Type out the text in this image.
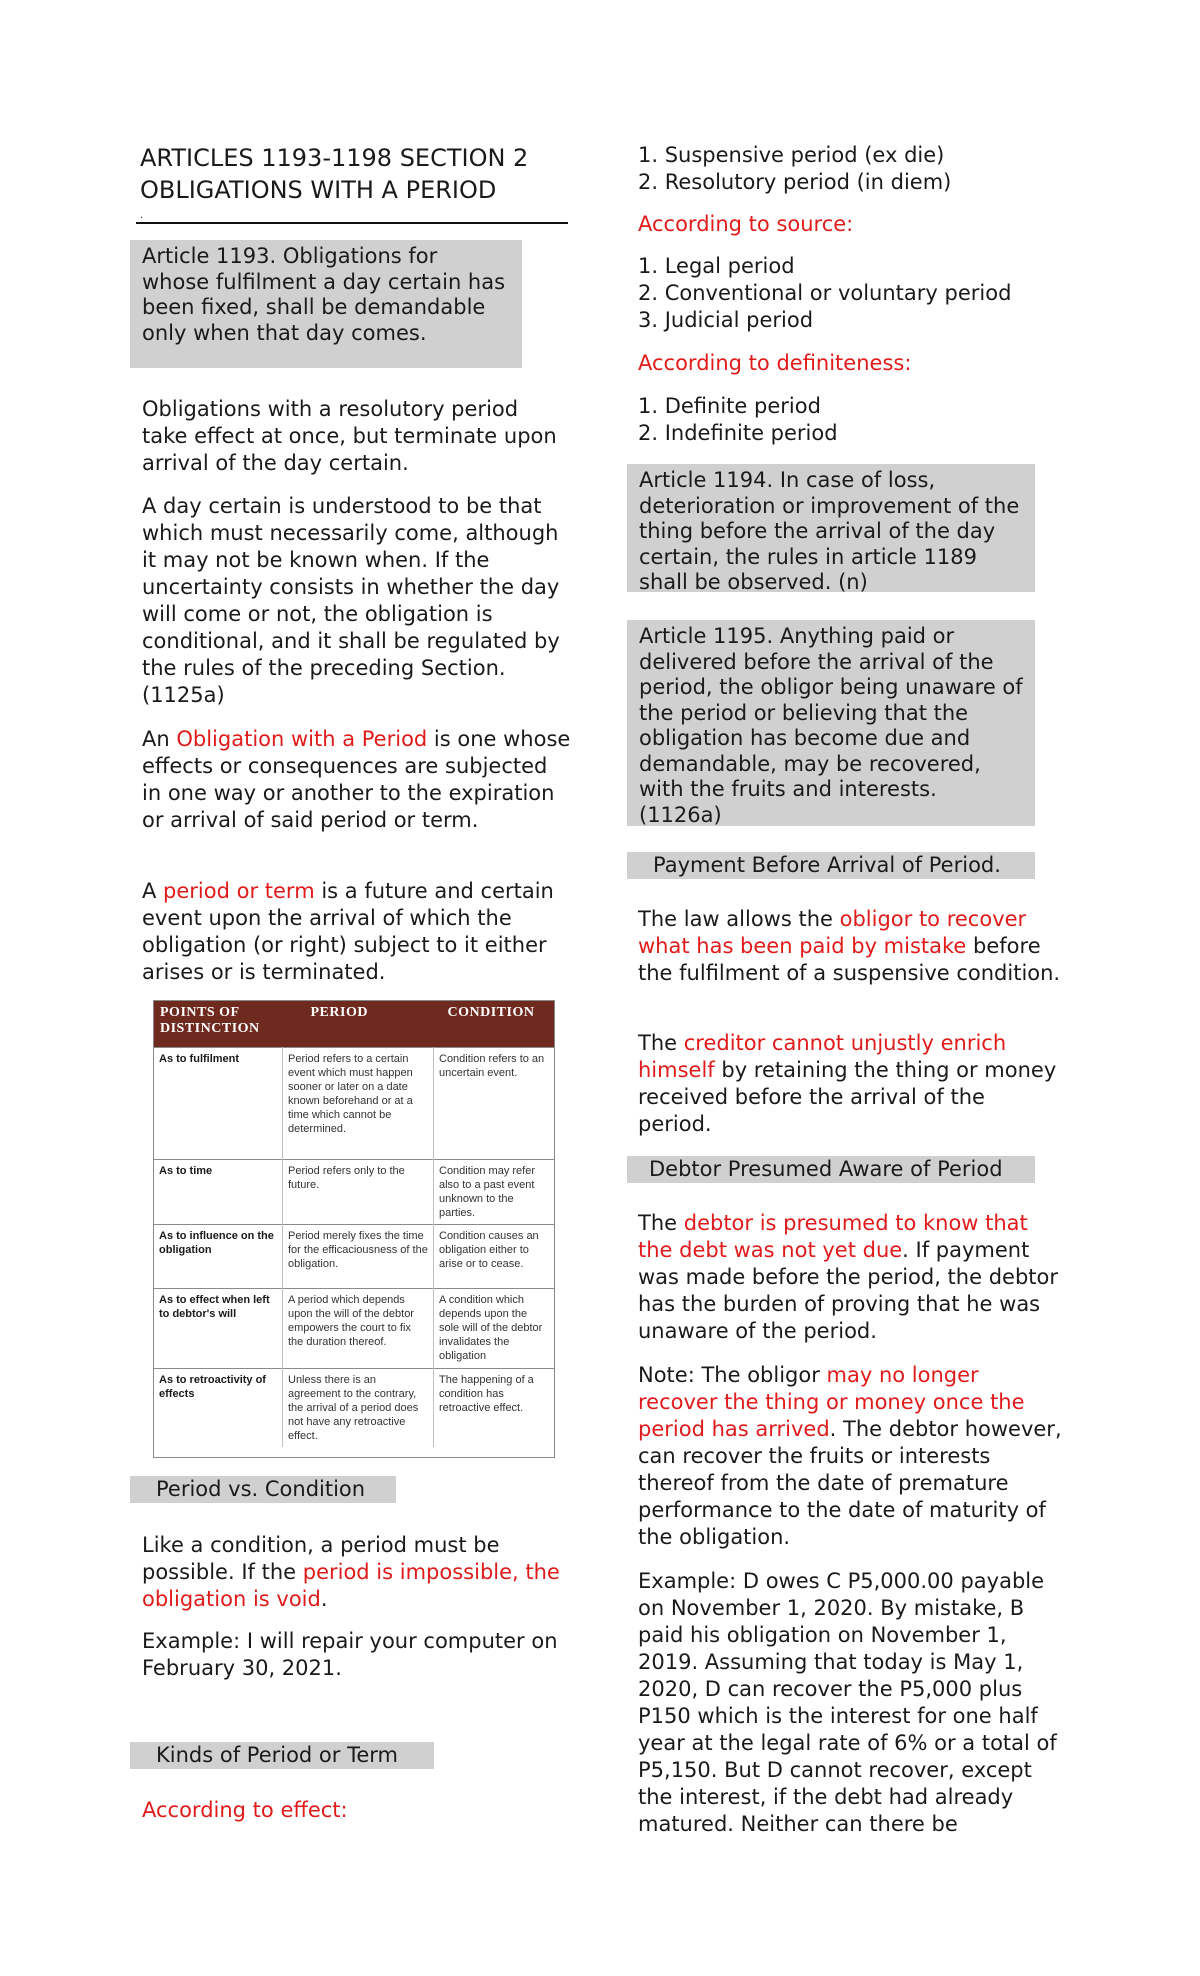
ARTICLES 1193-1198 SECTION 2
OBLIGATIONS WITH A PERIOD
.
Article 1193. Obligations for whose fulfilment a day certain has been fixed, shall be demandable only when that day comes.

Obligations with a resolutory period take effect at once, but terminate upon arrival of the day certain.

A day certain is understood to be that which must necessarily come, although it may not be known when. If the uncertainty consists in whether the day will come or not, the obligation is conditional, and it shall be regulated by the rules of the preceding Section. (1125a)

An Obligation with a Period is one whose effects or consequences are subjected in one way or another to the expiration or arrival of said period or term.

A period or term is a future and certain event upon the arrival of which the obligation (or right) subject to it either arises or is terminated.

POINTS OF DISTINCTION	PERIOD	CONDITION
As to fulfilment	Period refers to a certain event which must happen sooner or later on a date known beforehand or at a time which cannot be determined.	Condition refers to an uncertain event.
As to time	Period refers only to the future.	Condition may refer also to a past event unknown to the parties.
As to influence on the obligation	Period merely fixes the time for the efficaciousness of the obligation.	Condition causes an obligation either to arise or to cease.
As to effect when left to debtor's will	A period which depends upon the will of the debtor empowers the court to fix the duration thereof.	A condition which depends upon the sole will of the debtor invalidates the obligation
As to retroactivity of effects	Unless there is an agreement to the contrary, the arrival of a period does not have any retroactive effect.	The happening of a condition has retroactive effect.
Period vs. Condition

Like a condition, a period must be possible. If the period is impossible, the obligation is void.

Example: I will repair your computer on February 30, 2021.

Kinds of Period or Term

According to effect:

1. Suspensive period (ex die)
2. Resolutory period (in diem)

According to source:

1. Legal period
2. Conventional or voluntary period
3. Judicial period

According to definiteness:

1. Definite period
2. Indefinite period
Article 1194. In case of loss, deterioration or improvement of the thing before the arrival of the day certain, the rules in article 1189 shall be observed. (n)
Article 1195. Anything paid or delivered before the arrival of the period, the obligor being unaware of the period or believing that the obligation has become due and demandable, may be recovered, with the fruits and interests. (1126a)
Payment Before Arrival of Period.

The law allows the obligor to recover what has been paid by mistake before the fulfilment of a suspensive condition.

The creditor cannot unjustly enrich himself by retaining the thing or money received before the arrival of the period.

Debtor Presumed Aware of Period

The debtor is presumed to know that the debt was not yet due. If payment was made before the period, the debtor has the burden of proving that he was unaware of the period.

Note: The obligor may no longer recover the thing or money once the period has arrived. The debtor however, can recover the fruits or interests thereof from the date of premature performance to the date of maturity of the obligation.

Example: D owes C P5,000.00 payable on November 1, 2020. By mistake, B paid his obligation on November 1, 2019. Assuming that today is May 1, 2020, D can recover the P5,000 plus P150 which is the interest for one half year at the legal rate of 6% or a total of P5,150. But D cannot recover, except the interest, if the debt had already matured. Neither can there be
